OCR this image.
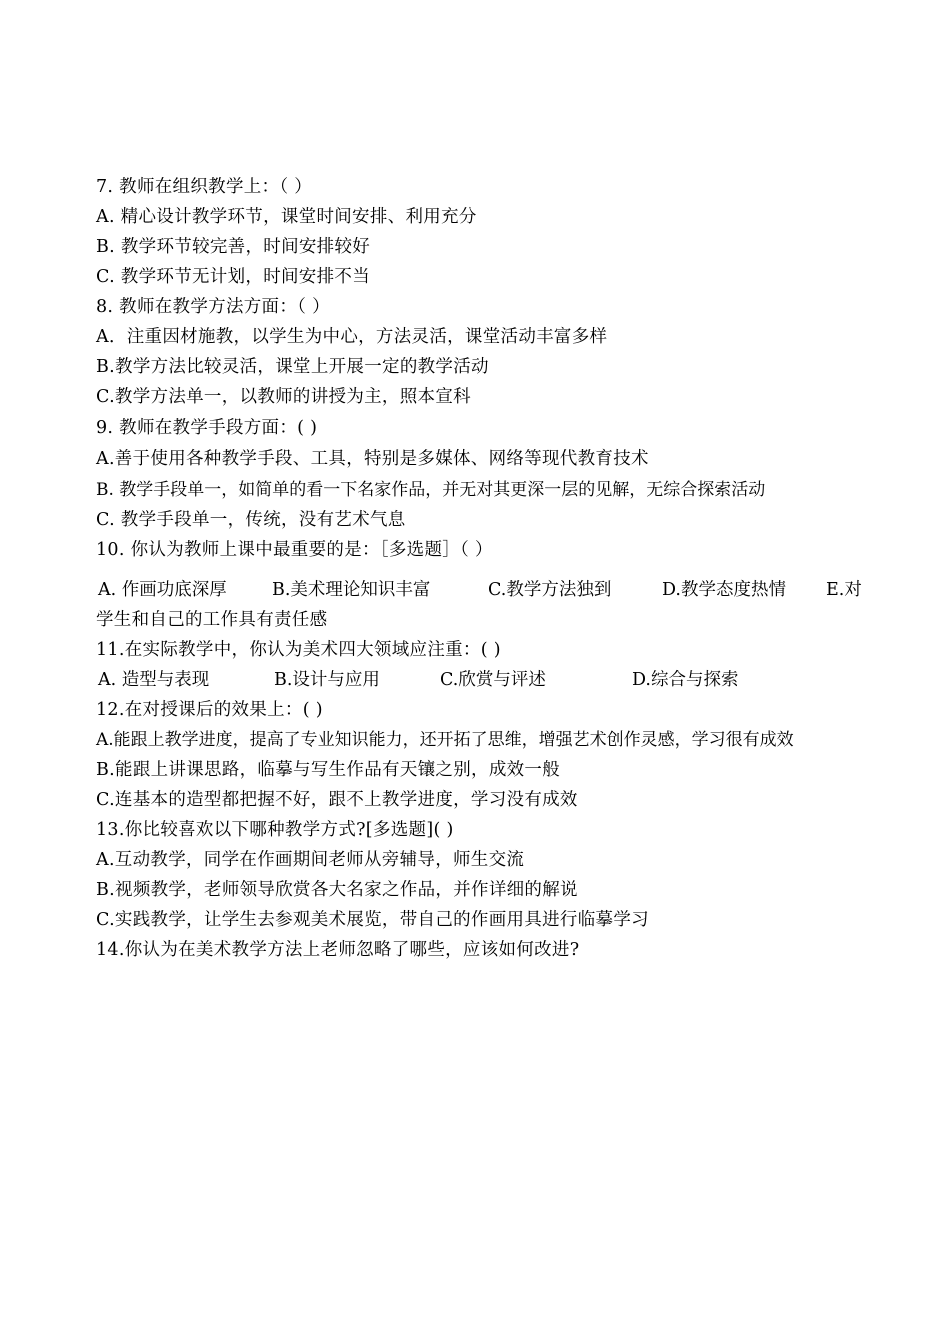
7. 教师在组织教学上：（ ）
A. 精心设计教学环节，课堂时间安排、利用充分
B. 教学环节较完善，时间安排较好
C. 教学环节无计划，时间安排不当
8. 教师在教学方法方面：（ ）
A．注重因材施教，以学生为中心，方法灵活，课堂活动丰富多样
B.教学方法比较灵活，课堂上开展一定的教学活动
C.教学方法单一，以教师的讲授为主，照本宣科
9. 教师在教学手段方面：( )
A.善于使用各种教学手段、工具，特别是多媒体、网络等现代教育技术
B. 教学手段单一，如简单的看一下名家作品，并无对其更深一层的见解，无综合探索活动
C. 教学手段单一，传统，没有艺术气息
10. 你认为教师上课中最重要的是：［多选题］（ ）
A. 作画功底深厚	B.美术理论知识丰富	C.教学方法独到	D.教学态度热情 E.对
学生和自己的工作具有责任感
11.在实际教学中，你认为美术四大领域应注重：( )
A. 造型与表现	B.设计与应用	C.欣赏与评述	D.综合与探索
12.在对授课后的效果上：( )
A.能跟上教学进度，提高了专业知识能力，还开拓了思维，增强艺术创作灵感，学习很有成效
B.能跟上讲课思路，临摹与写生作品有天镶之别，成效一般
C.连基本的造型都把握不好，跟不上教学进度，学习没有成效
13.你比较喜欢以下哪种教学方式?[多选题]( )
A.互动教学，同学在作画期间老师从旁辅导，师生交流
B.视频教学，老师领导欣赏各大名家之作品，并作详细的解说
C.实践教学，让学生去参观美术展览，带自己的作画用具进行临摹学习
14.你认为在美术教学方法上老师忽略了哪些，应该如何改进?
